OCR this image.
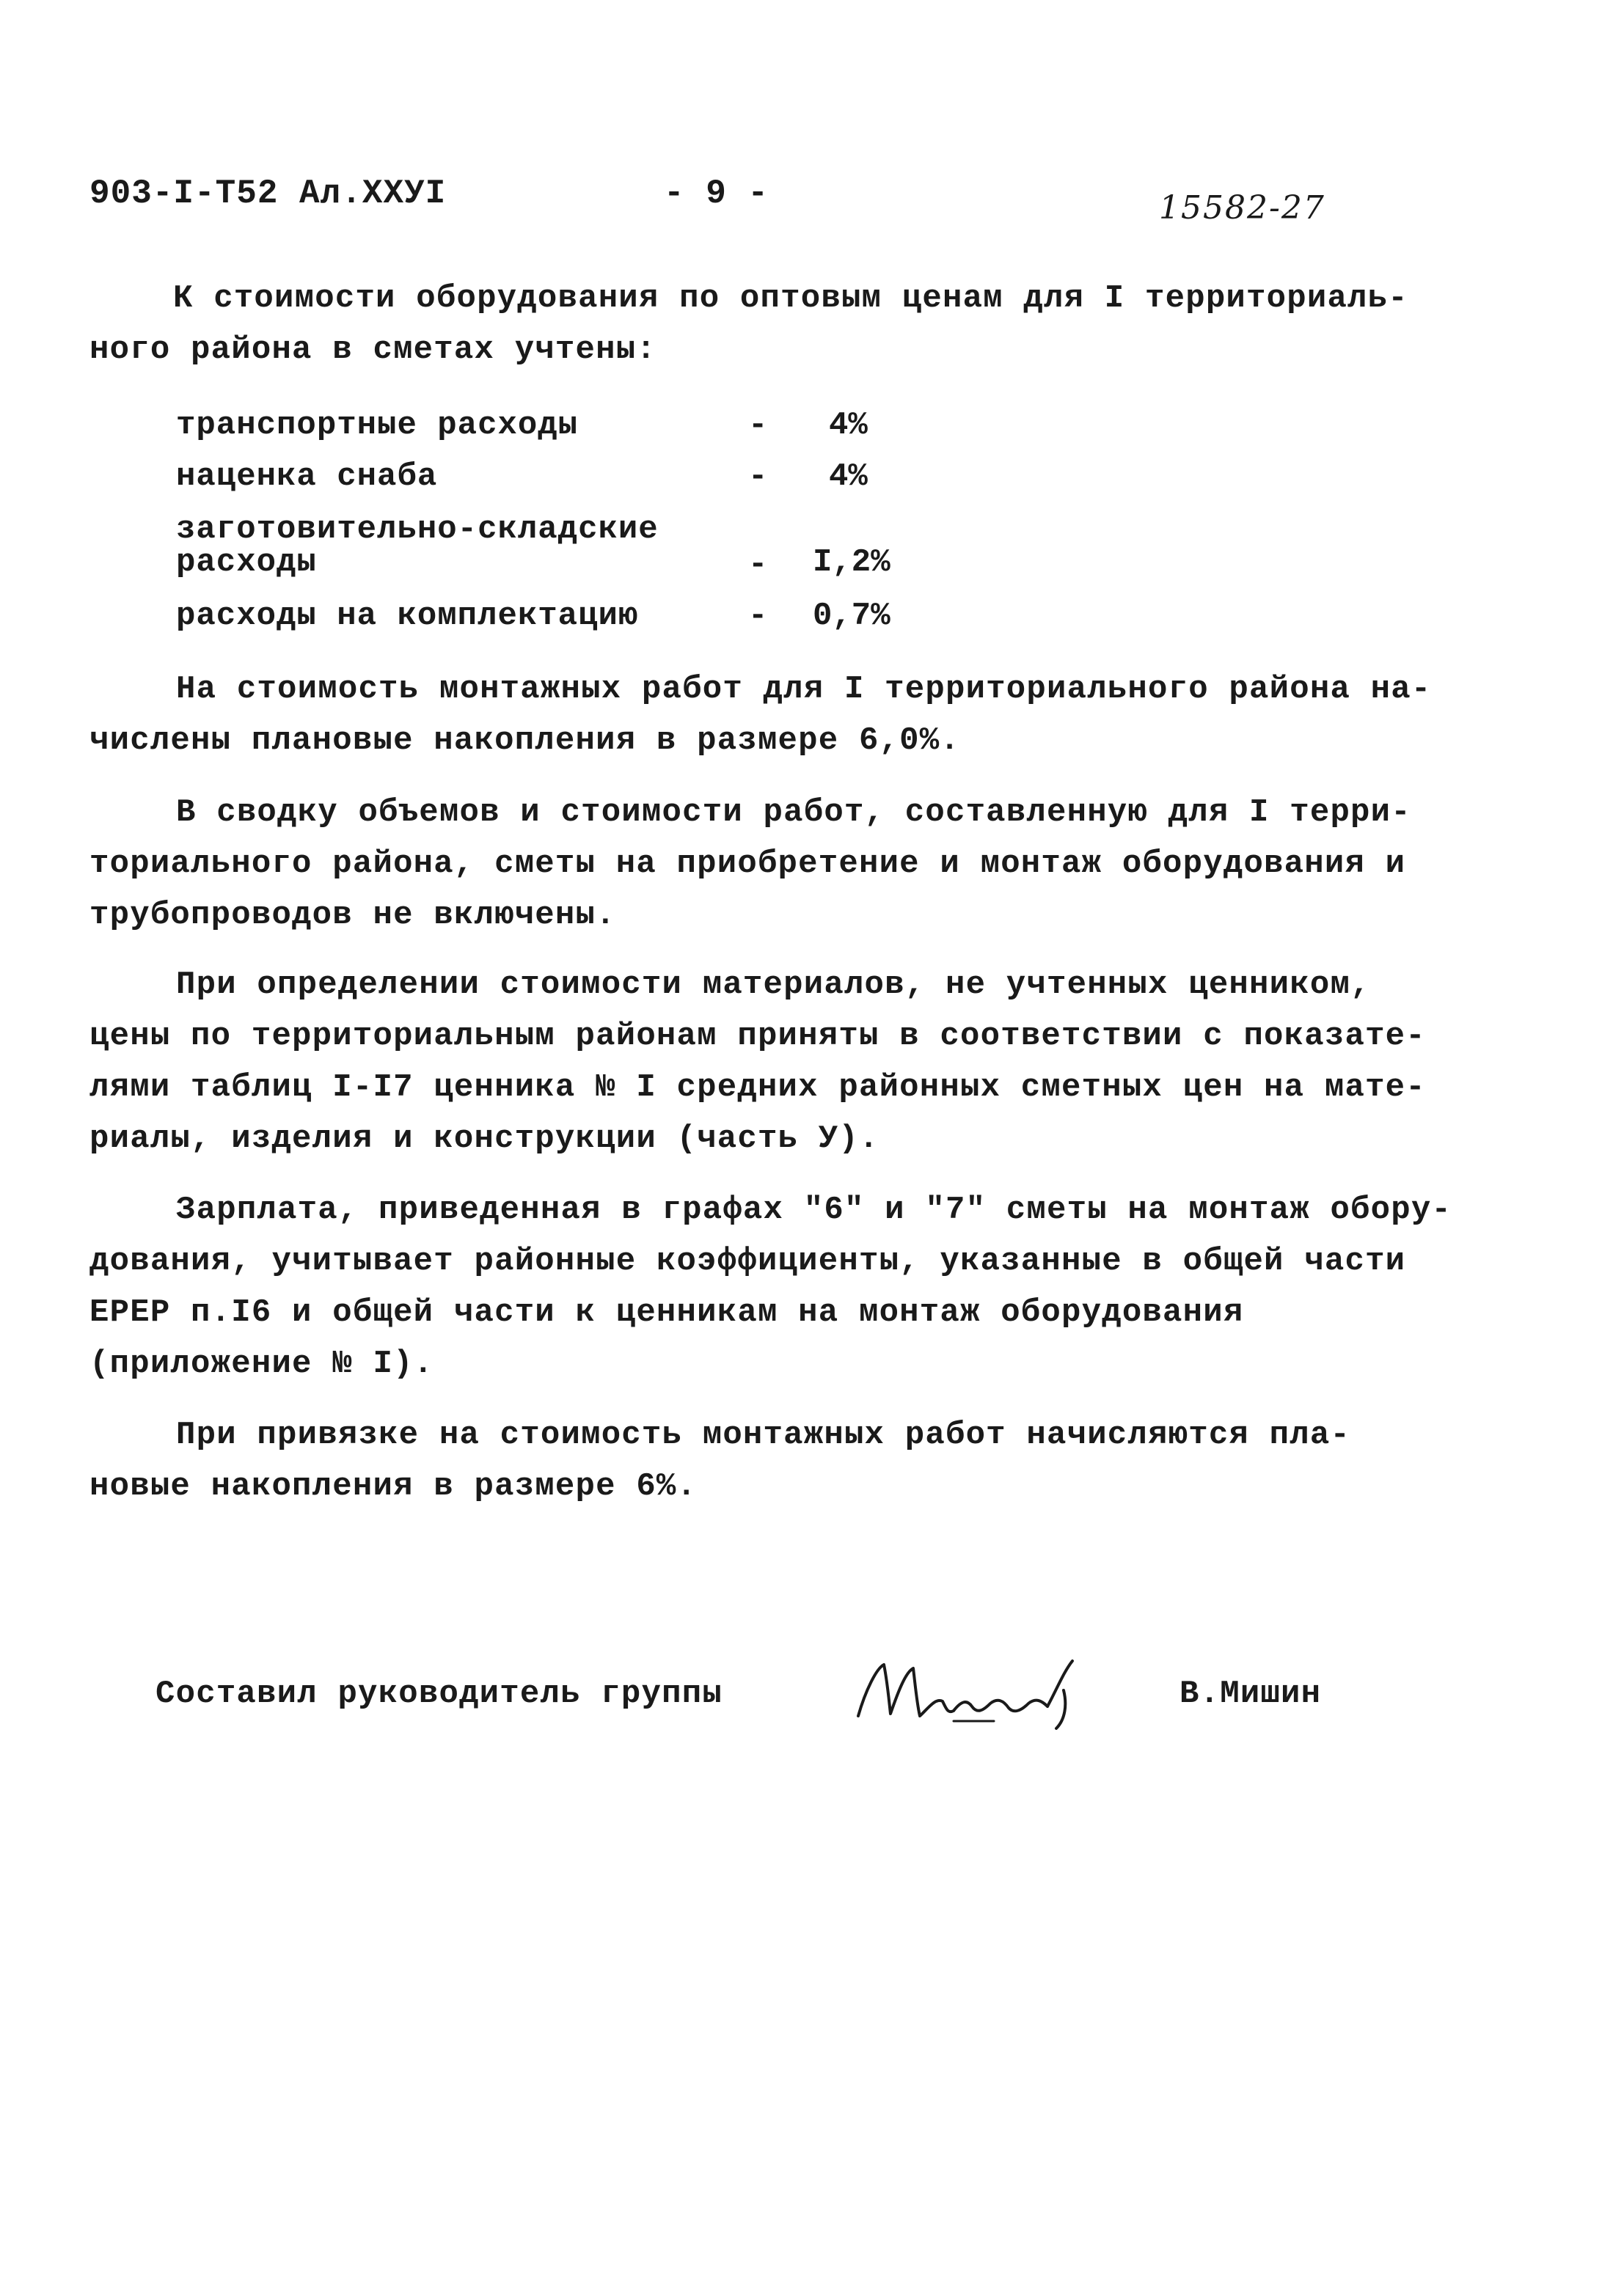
903-I-Т52 Ал.ХХУI	- 9 -	15582-27
К стоимости оборудования по оптовым ценам для I территориаль-
ного района в сметах учтены:
транспортные расходы	- 4%
наценка снаба	- 4%
заготовительно-складские
расходы	- I,2%
расходы на комплектацию	- 0,7%
На стоимость монтажных работ для I территориального района на-
числены плановые накопления в размере 6,0%.
В сводку объемов и стоимости работ, составленную для I терри-
ториального района, сметы на приобретение и монтаж оборудования и
трубопроводов не включены.
При определении стоимости материалов, не учтенных ценником,
цены по территориальным районам приняты в соответствии с показате-
лями таблиц I-I7 ценника № I средних районных сметных цен на мате-
риалы, изделия и конструкции (часть У).
Зарплата, приведенная в графах "6" и "7" сметы на монтаж обору-
дования, учитывает районные коэффициенты, указанные в общей части
ЕРЕР п.I6 и общей части к ценникам на монтаж оборудования
(приложение № I).
При привязке на стоимость монтажных работ начисляются пла-
новые накопления в размере 6%.
Составил руководитель группы	В.Мишин
